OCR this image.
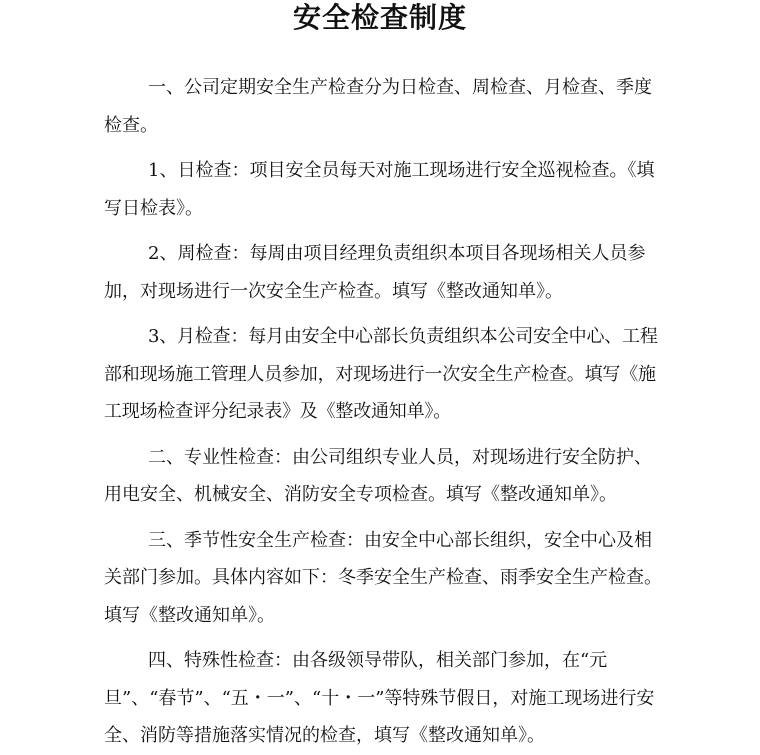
安全检查制度

一、公司定期安全生产检查分为日检查、周检查、月检查、季度检查。

1、日检查：项目安全员每天对施工现场进行安全巡视检查。《填写日检表》。

2、周检查：每周由项目经理负责组织本项目各现场相关人员参加，对现场进行一次安全生产检查。填写《整改通知单》。

3、月检查：每月由安全中心部长负责组织本公司安全中心、工程部和现场施工管理人员参加，对现场进行一次安全生产检查。填写《施工现场检查评分纪录表》及《整改通知单》。

二、专业性检查：由公司组织专业人员，对现场进行安全防护、用电安全、机械安全、消防安全专项检查。填写《整改通知单》。

三、季节性安全生产检查：由安全中心部长组织，安全中心及相关部门参加。具体内容如下：冬季安全生产检查、雨季安全生产检查。填写《整改通知单》。

四、特殊性检查：由各级领导带队，相关部门参加，在“元旦”、“春节”、“五・一”、“十・一”等特殊节假日，对施工现场进行安全、消防等措施落实情况的检查，填写《整改通知单》。
